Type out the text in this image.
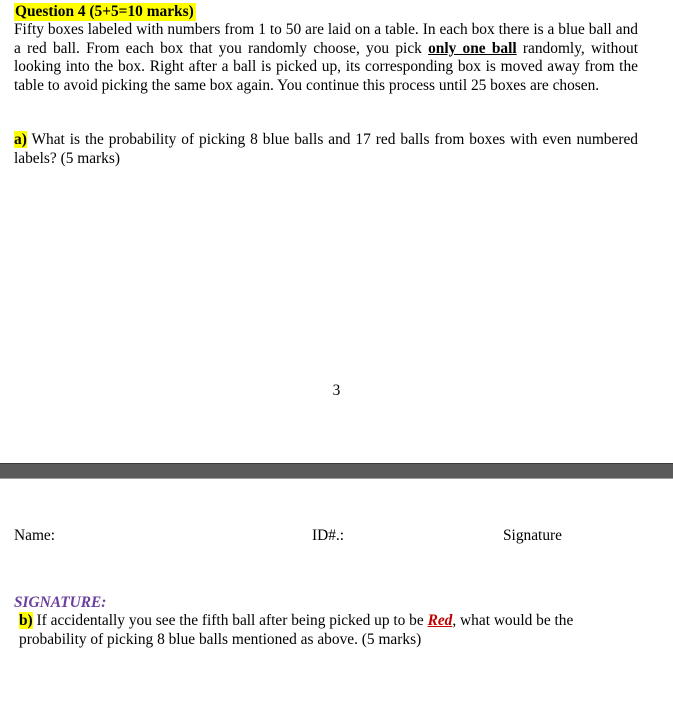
Question 4 (5+5=10 marks)
Fifty boxes labeled with numbers from 1 to 50 are laid on a table. In each box there is a blue ball and a red ball. From each box that you randomly choose, you pick only one ball randomly, without looking into the box. Right after a ball is picked up, its corresponding box is moved away from the table to avoid picking the same box again. You continue this process until 25 boxes are chosen.
a) What is the probability of picking 8 blue balls and 17 red balls from boxes with even numbered labels? (5 marks)
3
Name:	ID#.:	Signature
SIGNATURE:
b) If accidentally you see the fifth ball after being picked up to be Red, what would be the probability of picking 8 blue balls mentioned as above. (5 marks)
